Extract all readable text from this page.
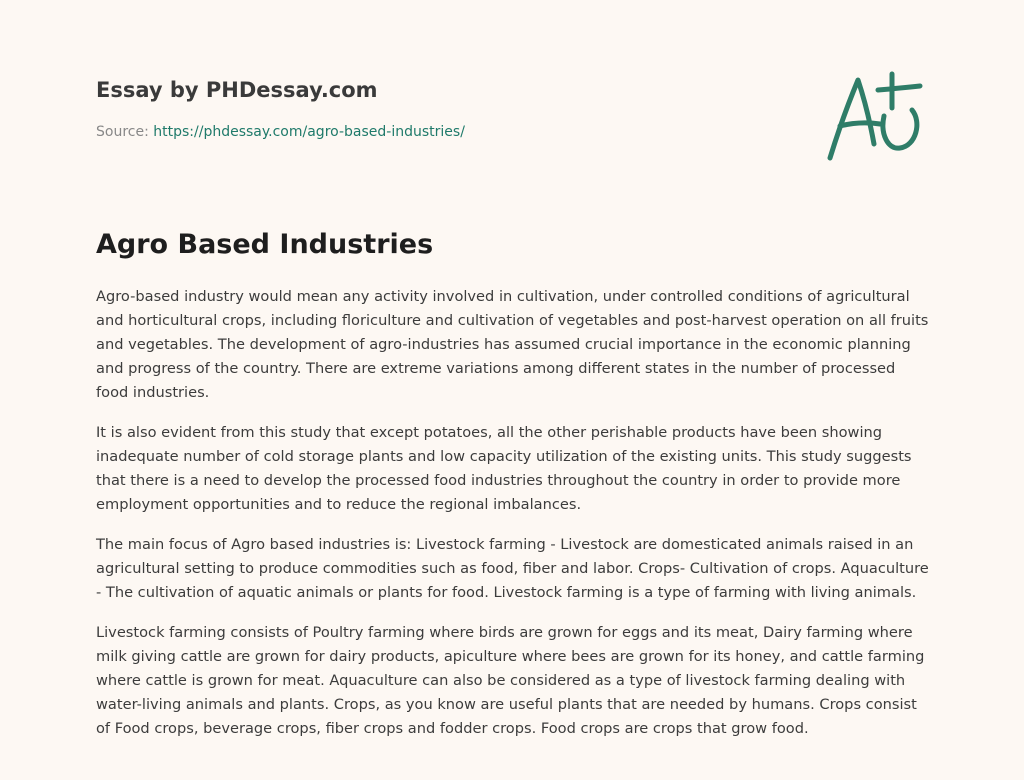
Essay by PHDessay.com
Source: https://phdessay.com/agro-based-industries/
Agro Based Industries

Agro-based industry would mean any activity involved in cultivation, under controlled conditions of agricultural and horticultural crops, including floriculture and cultivation of vegetables and post-harvest operation on all fruits and vegetables. The development of agro-industries has assumed crucial importance in the economic planning and progress of the country. There are extreme variations among different states in the number of processed food industries.

It is also evident from this study that except potatoes, all the other perishable products have been showing inadequate number of cold storage plants and low capacity utilization of the existing units. This study suggests that there is a need to develop the processed food industries throughout the country in order to provide more employment opportunities and to reduce the regional imbalances.

The main focus of Agro based industries is: Livestock farming - Livestock are domesticated animals raised in an agricultural setting to produce commodities such as food, fiber and labor. Crops- Cultivation of crops. Aquaculture - The cultivation of aquatic animals or plants for food. Livestock farming is a type of farming with living animals.

Livestock farming consists of Poultry farming where birds are grown for eggs and its meat, Dairy farming where milk giving cattle are grown for dairy products, apiculture where bees are grown for its honey, and cattle farming where cattle is grown for meat. Aquaculture can also be considered as a type of livestock farming dealing with water-living animals and plants. Crops, as you know are useful plants that are needed by humans. Crops consist of Food crops, beverage crops, fiber crops and fodder crops. Food crops are crops that grow food.
